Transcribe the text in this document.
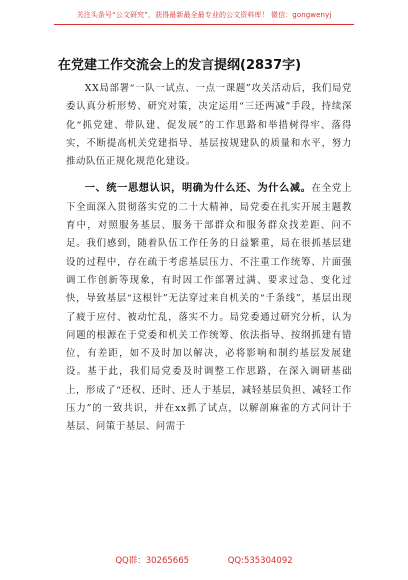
关注头条号“公文研究”，获得最新最全最专业的公文资料库！ 微信：gongwenyj
在党建工作交流会上的发言提纲(2837字)

XX局部署“一队一试点、一点一课题”攻关活动后，我们局党委认真分析形势、研究对策，决定运用“三还两减”手段，持续深化“抓党建、带队建、促发展”的工作思路和举措树得牢、落得实，不断提高机关党建指导、基层按规建队的质量和水平，努力推动队伍正规化规范化建设。

一、统一思想认识，明确为什么还、为什么减。在全党上下全面深入贯彻落实党的二十大精神，局党委在扎实开展主题教育中，对照服务基层、服务干部群众和服务群众找差距、问不足。我们感到，随着队伍工作任务的日益繁重，局在很抓基层建设的过程中，存在疏于考虑基层压力、不注重工作统筹、片面强调工作创新等现象，有时因工作部署过满、要求过急、变化过快，导致基层“这根针”无法穿过来自机关的“千条线”，基层出现了疲于应付、被动忙乱，落实不力。局党委通过研究分析，认为问题的根源在于党委和机关工作统筹、依法指导、按纲抓建有错位，有差距，如不及时加以解决，必将影响和制约基层发展建设。基于此，我们局党委及时调整工作思路，在深入调研基础上，形成了“还权、还时、还人于基层，减轻基层负担、减轻工作压力”的一致共识，并在xx抓了试点，以解剖麻雀的方式问计于基层、问策于基层、问需于

QQ群：30265665	QQ:535304092
